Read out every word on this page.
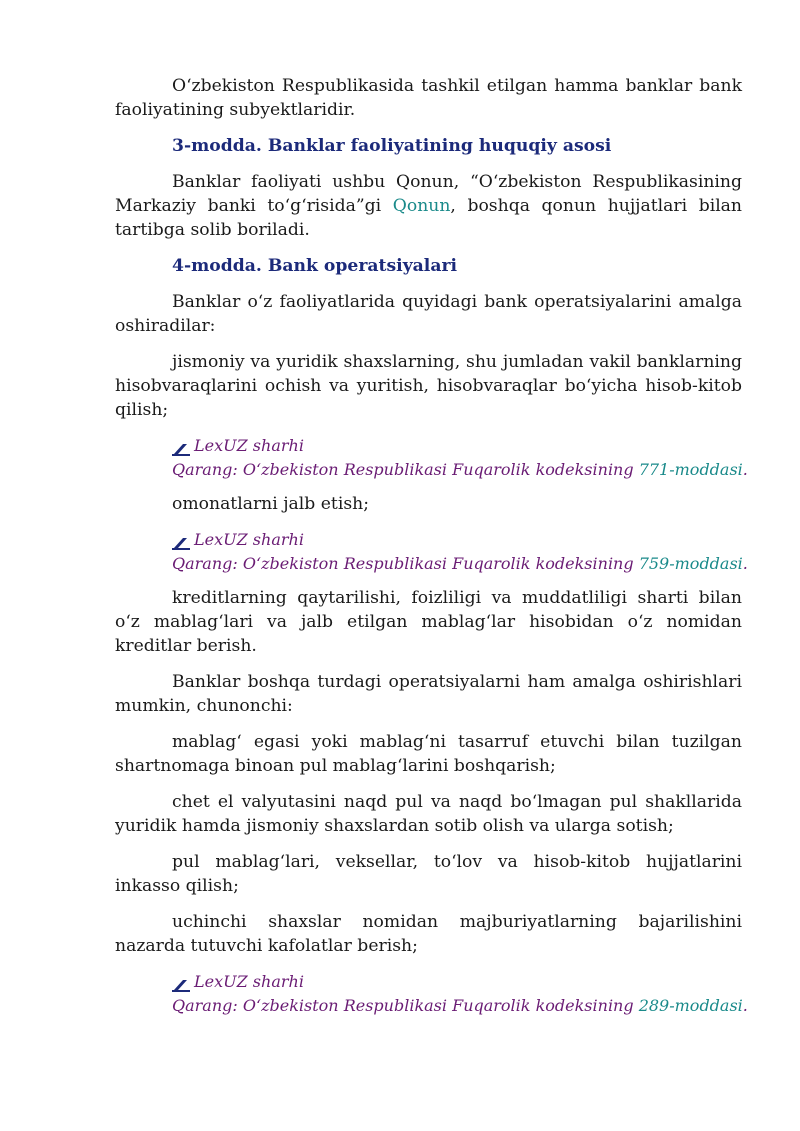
O‘zbekiston Respublikasida tashkil etilgan hamma banklar bank faoliyatining subyektlaridir.

3-modda. Banklar faoliyatining huquqiy asosi

Banklar faoliyati ushbu Qonun, “O‘zbekiston Respublikasining Markaziy banki to‘g‘risida”gi Qonun, boshqa qonun hujjatlari bilan tartibga solib boriladi.

4-modda. Bank operatsiyalari

Banklar o‘z faoliyatlarida quyidagi bank operatsiyalarini amalga oshiradilar:

jismoniy va yuridik shaxslarning, shu jumladan vakil banklarning hisobvaraqlarini ochish va yuritish, hisobvaraqlar bo‘yicha hisob-kitob qilish;

LexUZ sharhi
Qarang: O‘zbekiston Respublikasi Fuqarolik kodeksining 771-moddasi.

omonatlarni jalb etish;

LexUZ sharhi
Qarang: O‘zbekiston Respublikasi Fuqarolik kodeksining 759-moddasi.

kreditlarning qaytarilishi, foizliligi va muddatliligi sharti bilan o‘z mablag‘lari va jalb etilgan mablag‘lar hisobidan o‘z nomidan kreditlar berish.

Banklar boshqa turdagi operatsiyalarni ham amalga oshirishlari mumkin, chunonchi:

mablag‘ egasi yoki mablag‘ni tasarruf etuvchi bilan tuzilgan shartnomaga binoan pul mablag‘larini boshqarish;

chet el valyutasini naqd pul va naqd bo‘lmagan pul shakllarida yuridik hamda jismoniy shaxslardan sotib olish va ularga sotish;

pul mablag‘lari, veksellar, to‘lov va hisob-kitob hujjatlarini inkasso qilish;

uchinchi shaxslar nomidan majburiyatlarning bajarilishini nazarda tutuvchi kafolatlar berish;

LexUZ sharhi
Qarang: O‘zbekiston Respublikasi Fuqarolik kodeksining 289-moddasi.
